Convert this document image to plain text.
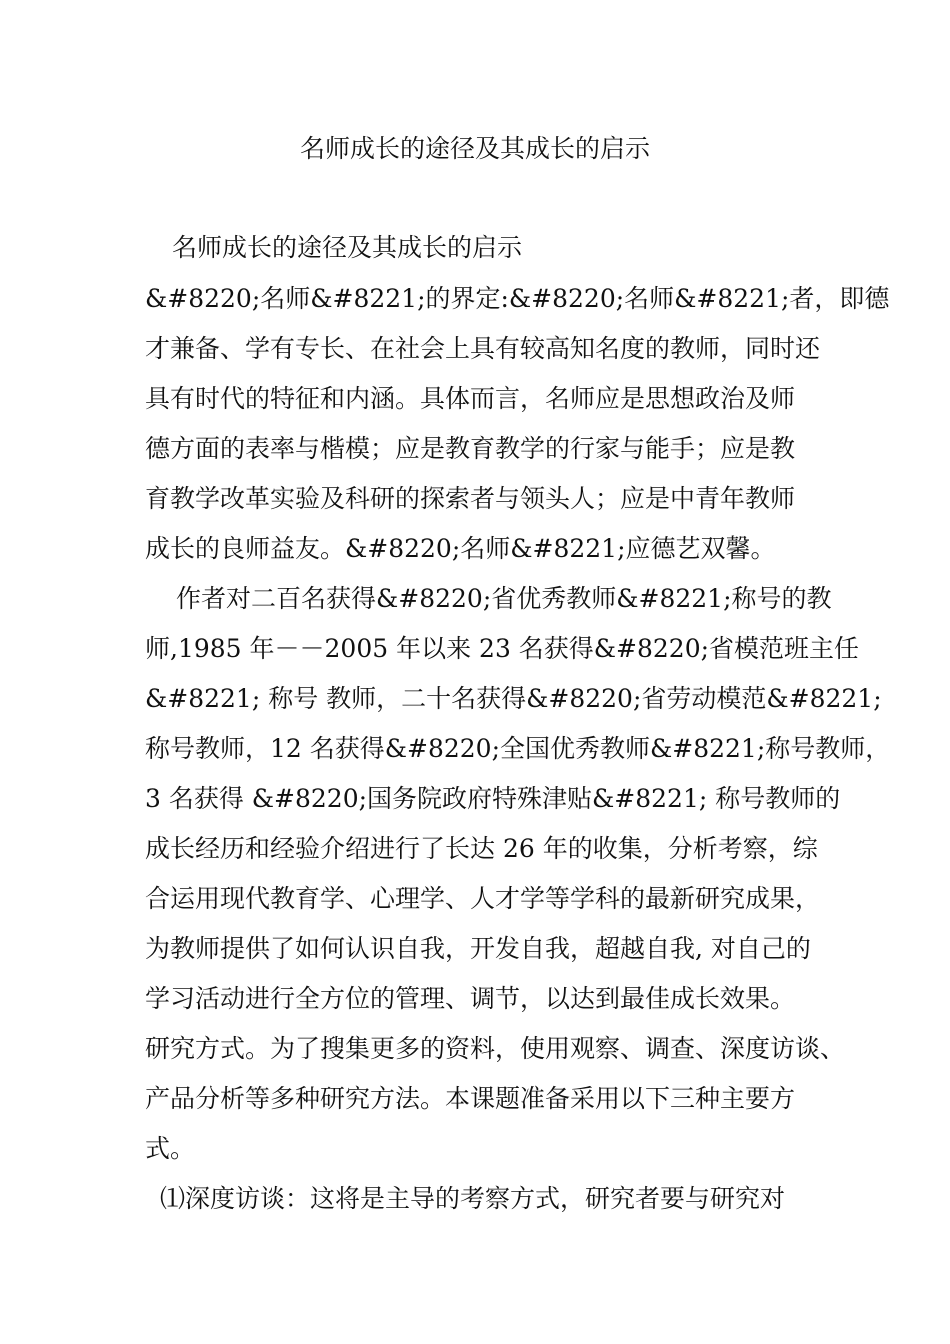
名师成长的途径及其成长的启示

名师成长的途径及其成长的启示

&#8220;名师&#8221;的界定:&#8220;名师&#8221;者，即德

才兼备、学有专长、在社会上具有较高知名度的教师，同时还

具有时代的特征和内涵。具体而言，名师应是思想政治及师

德方面的表率与楷模；应是教育教学的行家与能手；应是教

育教学改革实验及科研的探索者与领头人；应是中青年教师

成长的良师益友。&#8220;名师&#8221;应德艺双馨。

作者对二百名获得&#8220;省优秀教师&#8221;称号的教

师,1985 年－－2005 年以来 23 名获得&#8220;省模范班主任

&#8221; 称号 教师，二十名获得&#8220;省劳动模范&#8221;

称号教师，12 名获得&#8220;全国优秀教师&#8221;称号教师，

3 名获得 &#8220;国务院政府特殊津贴&#8221; 称号教师的

成长经历和经验介绍进行了长达 26 年的收集，分析考察，综

合运用现代教育学、心理学、人才学等学科的最新研究成果，

为教师提供了如何认识自我，开发自我，超越自我, 对自己的

学习活动进行全方位的管理、调节，以达到最佳成长效果。

研究方式。为了搜集更多的资料，使用观察、调查、深度访谈、

产品分析等多种研究方法。本课题准备采用以下三种主要方

式。

⑴深度访谈：这将是主导的考察方式，研究者要与研究对
